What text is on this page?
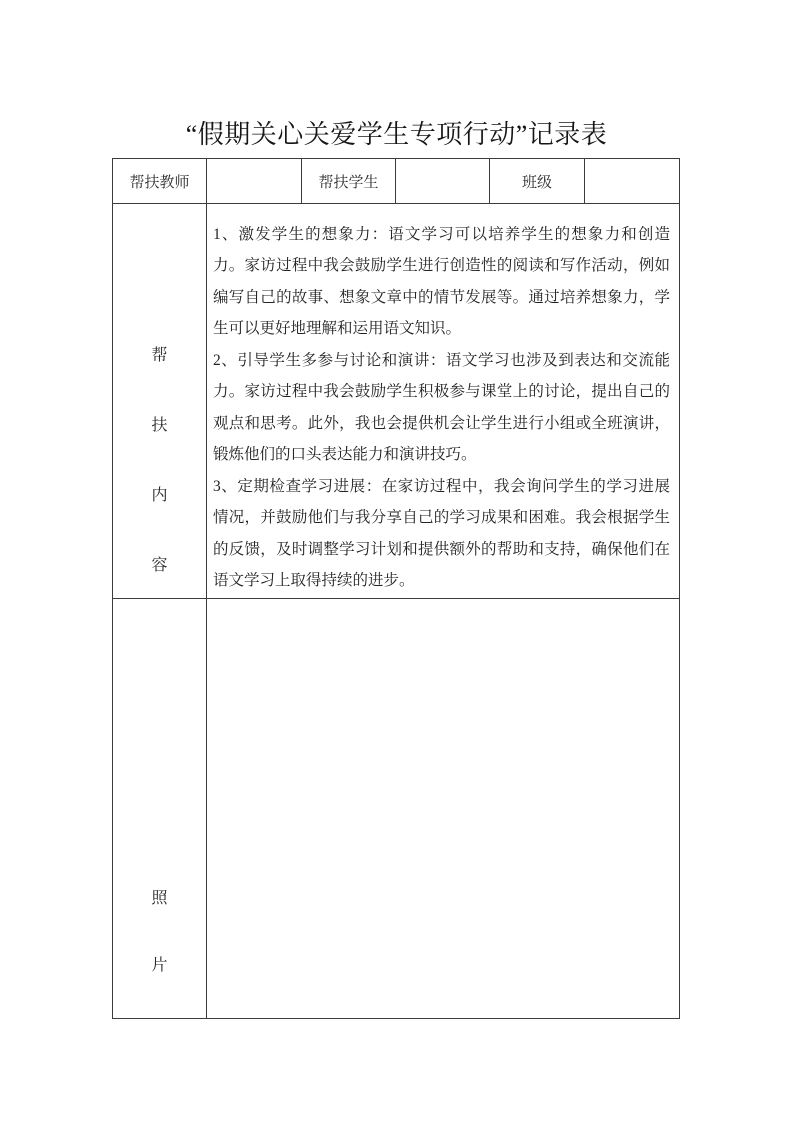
“假期关心关爱学生专项行动”记录表
帮扶教师		帮扶学生		班级	

帮
扶
内
容

1、激发学生的想象力：语文学习可以培养学生的想象力和创造力。家访过程中我会鼓励学生进行创造性的阅读和写作活动，例如编写自己的故事、想象文章中的情节发展等。通过培养想象力，学生可以更好地理解和运用语文知识。

2、引导学生多参与讨论和演讲：语文学习也涉及到表达和交流能力。家访过程中我会鼓励学生积极参与课堂上的讨论，提出自己的观点和思考。此外，我也会提供机会让学生进行小组或全班演讲，锻炼他们的口头表达能力和演讲技巧。

3、定期检查学习进展：在家访过程中，我会询问学生的学习进展情况，并鼓励他们与我分享自己的学习成果和困难。我会根据学生的反馈，及时调整学习计划和提供额外的帮助和支持，确保他们在语文学习上取得持续的进步。

照
片					
